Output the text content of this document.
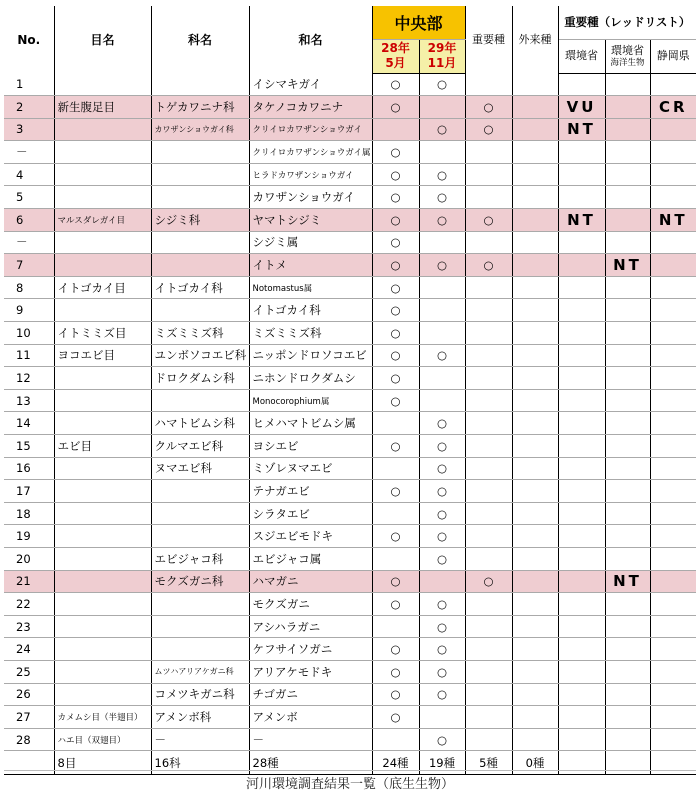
No.	目名	科名	和名	中央部		重要種	外来種	重要種（レッドリスト）		
				28年 5月	29年 11月			環境省	環境省
海洋生物	静岡県
1			イシマキガイ	○	○					
2	新生腹足目	トゲカワニナ科	タケノコカワニナ	○		○		VU		CR
3		カワザンショウガイ科	クリイロカワザンショウガイ		○	○		NT		
－			クリイロカワザンショウガイ属	○						
4			ヒラドカワザンショウガイ	○	○					
5			カワザンショウガイ	○	○					
6	マルスダレガイ目	シジミ科	ヤマトシジミ	○	○	○		NT		NT
－			シジミ属	○						
7			イトメ	○	○	○			NT	
8	イトゴカイ目	イトゴカイ科	Notomastus属	○						
9			イトゴカイ科	○						
10	イトミミズ目	ミズミミズ科	ミズミミズ科	○						
11	ヨコエビ目	ユンボソコエビ科	ニッポンドロソコエビ	○	○					
12		ドロクダムシ科	ニホンドロクダムシ	○						
13			Monocorophium属	○						
14		ハマトビムシ科	ヒメハマトビムシ属		○					
15	エビ目	クルマエビ科	ヨシエビ	○	○					
16		ヌマエビ科	ミゾレヌマエビ		○					
17			テナガエビ	○	○					
18			シラタエビ		○					
19			スジエビモドキ	○	○					
20		エビジャコ科	エビジャコ属		○					
21		モクズガニ科	ハマガニ	○		○			NT	
22			モクズガニ	○	○					
23			アシハラガニ		○					
24			ケフサイソガニ	○	○					
25		ムツハアリアケガニ科	アリアケモドキ	○	○					
26		コメツキガニ科	チゴガニ	○	○					
27	カメムシ目（半翅目）	アメンボ科	アメンボ	○						
28	ハエ目（双翅目）	－	－		○					
	8目	16科	28種	24種	19種	5種	0種			
河川環境調査結果一覧（底生生物）
